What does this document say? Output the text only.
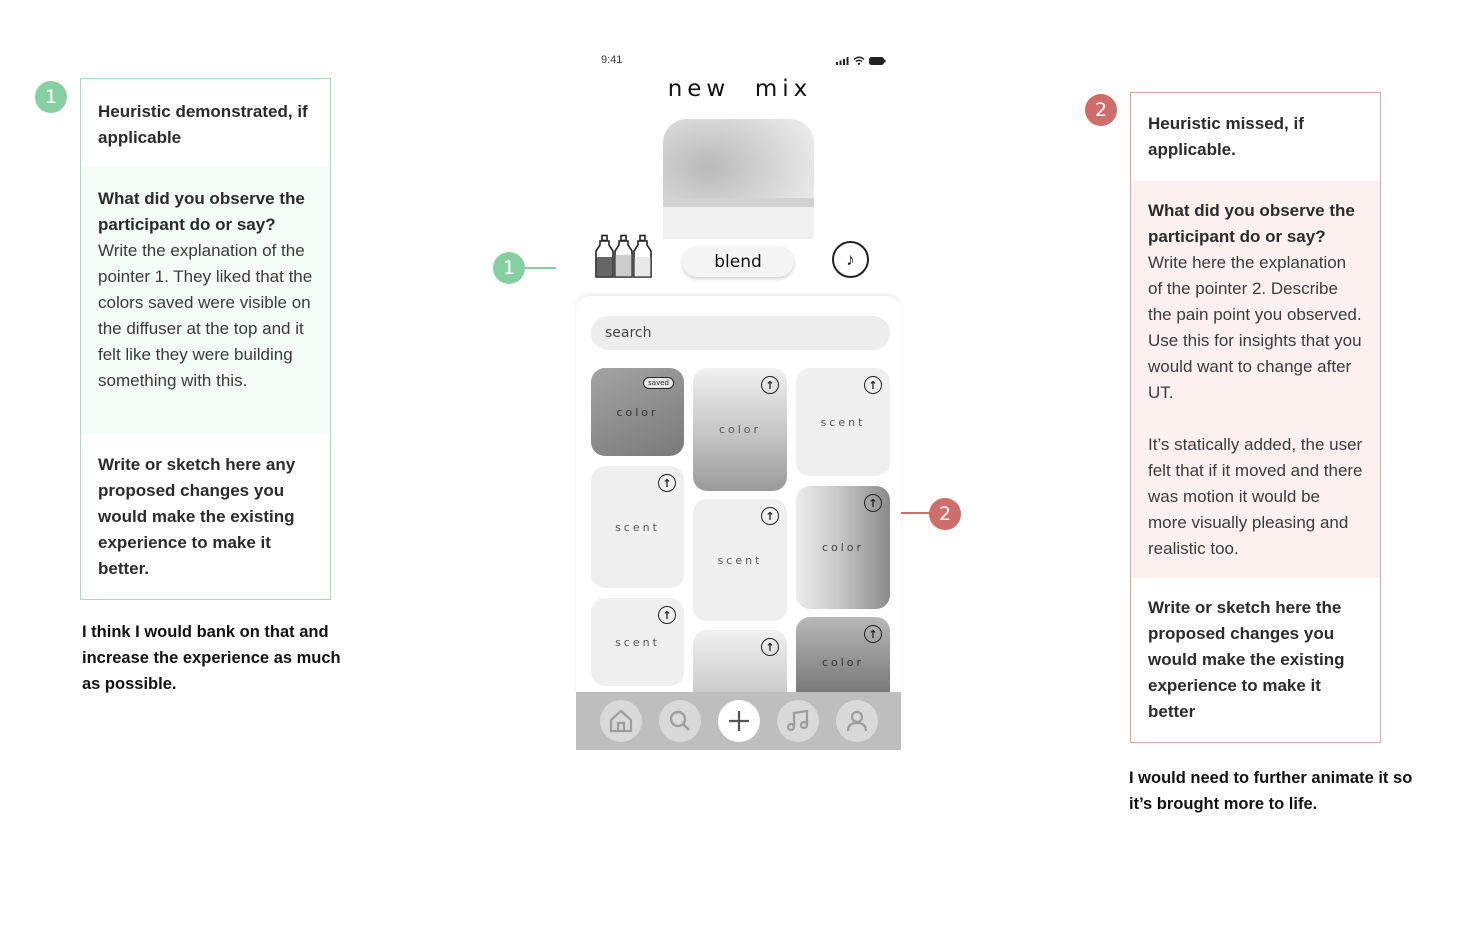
1
Heuristic demonstrated, if applicable
What did you observe the participant do or say?
Write the explanation of the pointer 1. They liked that the colors saved were visible on the diffuser at the top and it felt like they were building something with this.
Write or sketch here any proposed changes you would make the existing experience to make it better.
I think I would bank on that and increase the experience as much as possible.
1
2
Heuristic missed, if applicable.
What did you observe the participant do or say?
Write here the explanation of the pointer 2. Describe the pain point you observed. Use this for insights that you would want to change after UT.
It’s statically added, the user felt that if it moved and there was motion it would be more visually pleasing and realistic too.
Write or sketch here the proposed changes you would make the existing experience to make it better
I would need to further animate it so it’s brought more to life.
2
9:41
new  mix
blend	♪
search
color
saved
scent
↑
scent
↑
color
↑
scent
↑
↑
scent
↑
color
↑
color
↑
